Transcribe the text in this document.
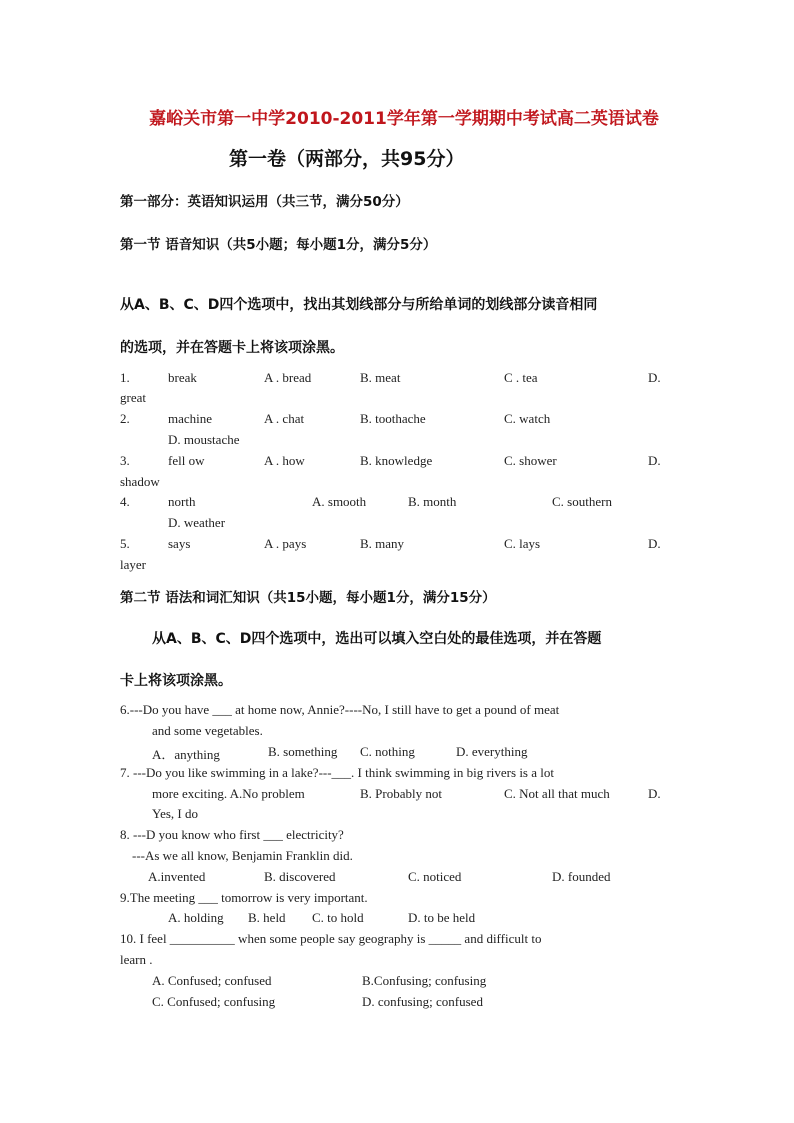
嘉峪关市第一中学2010-2011学年第一学期期中考试高二英语试卷
第一卷（两部分，共95分）
第一部分：英语知识运用（共三节，满分50分）
第一节 语音知识（共5小题；每小题1分，满分5分）
从A、B、C、D四个选项中，找出其划线部分与所给单词的划线部分读音相同
的选项，并在答题卡上将该项涂黑。
1.	break	A . bread	B. meat	C . tea	D.
great
2.	machine	A . chat	B. toothache	C. watch
D. moustache
3.	fell ow	A . how	B. knowledge	C. shower	D.
shadow
4.	north	A. smooth	B. month	C. southern
D. weather
5.	says	A . pays	B. many	C. lays	D.
layer
第二节 语法和词汇知识（共15小题，每小题1分，满分15分）
从A、B、C、D四个选项中，选出可以填入空白处的最佳选项，并在答题
卡上将该项涂黑。
6.---Do you have ___ at home now, Annie?----No, I still have to get a pound of meat
and some vegetables.
A．anything	B. something C. nothing	D. everything
7. ---Do you like swimming in a lake?---___. I think swimming in big rivers is a lot
more exciting. A.No problem	B. Probably not	C. Not all that much	D.
Yes, I do
8. ---D you know who first ___ electricity?
---As we all know, Benjamin Franklin did.
A.invented	B. discovered	C. noticed	D. founded
9.The meeting ___ tomorrow is very important.
A. holding B. held C. to hold	D. to be held
10. I feel __________ when some people say geography is _____ and difficult to
learn .
A. Confused; confused	B.Confusing; confusing
C. Confused; confusing	D. confusing; confused
